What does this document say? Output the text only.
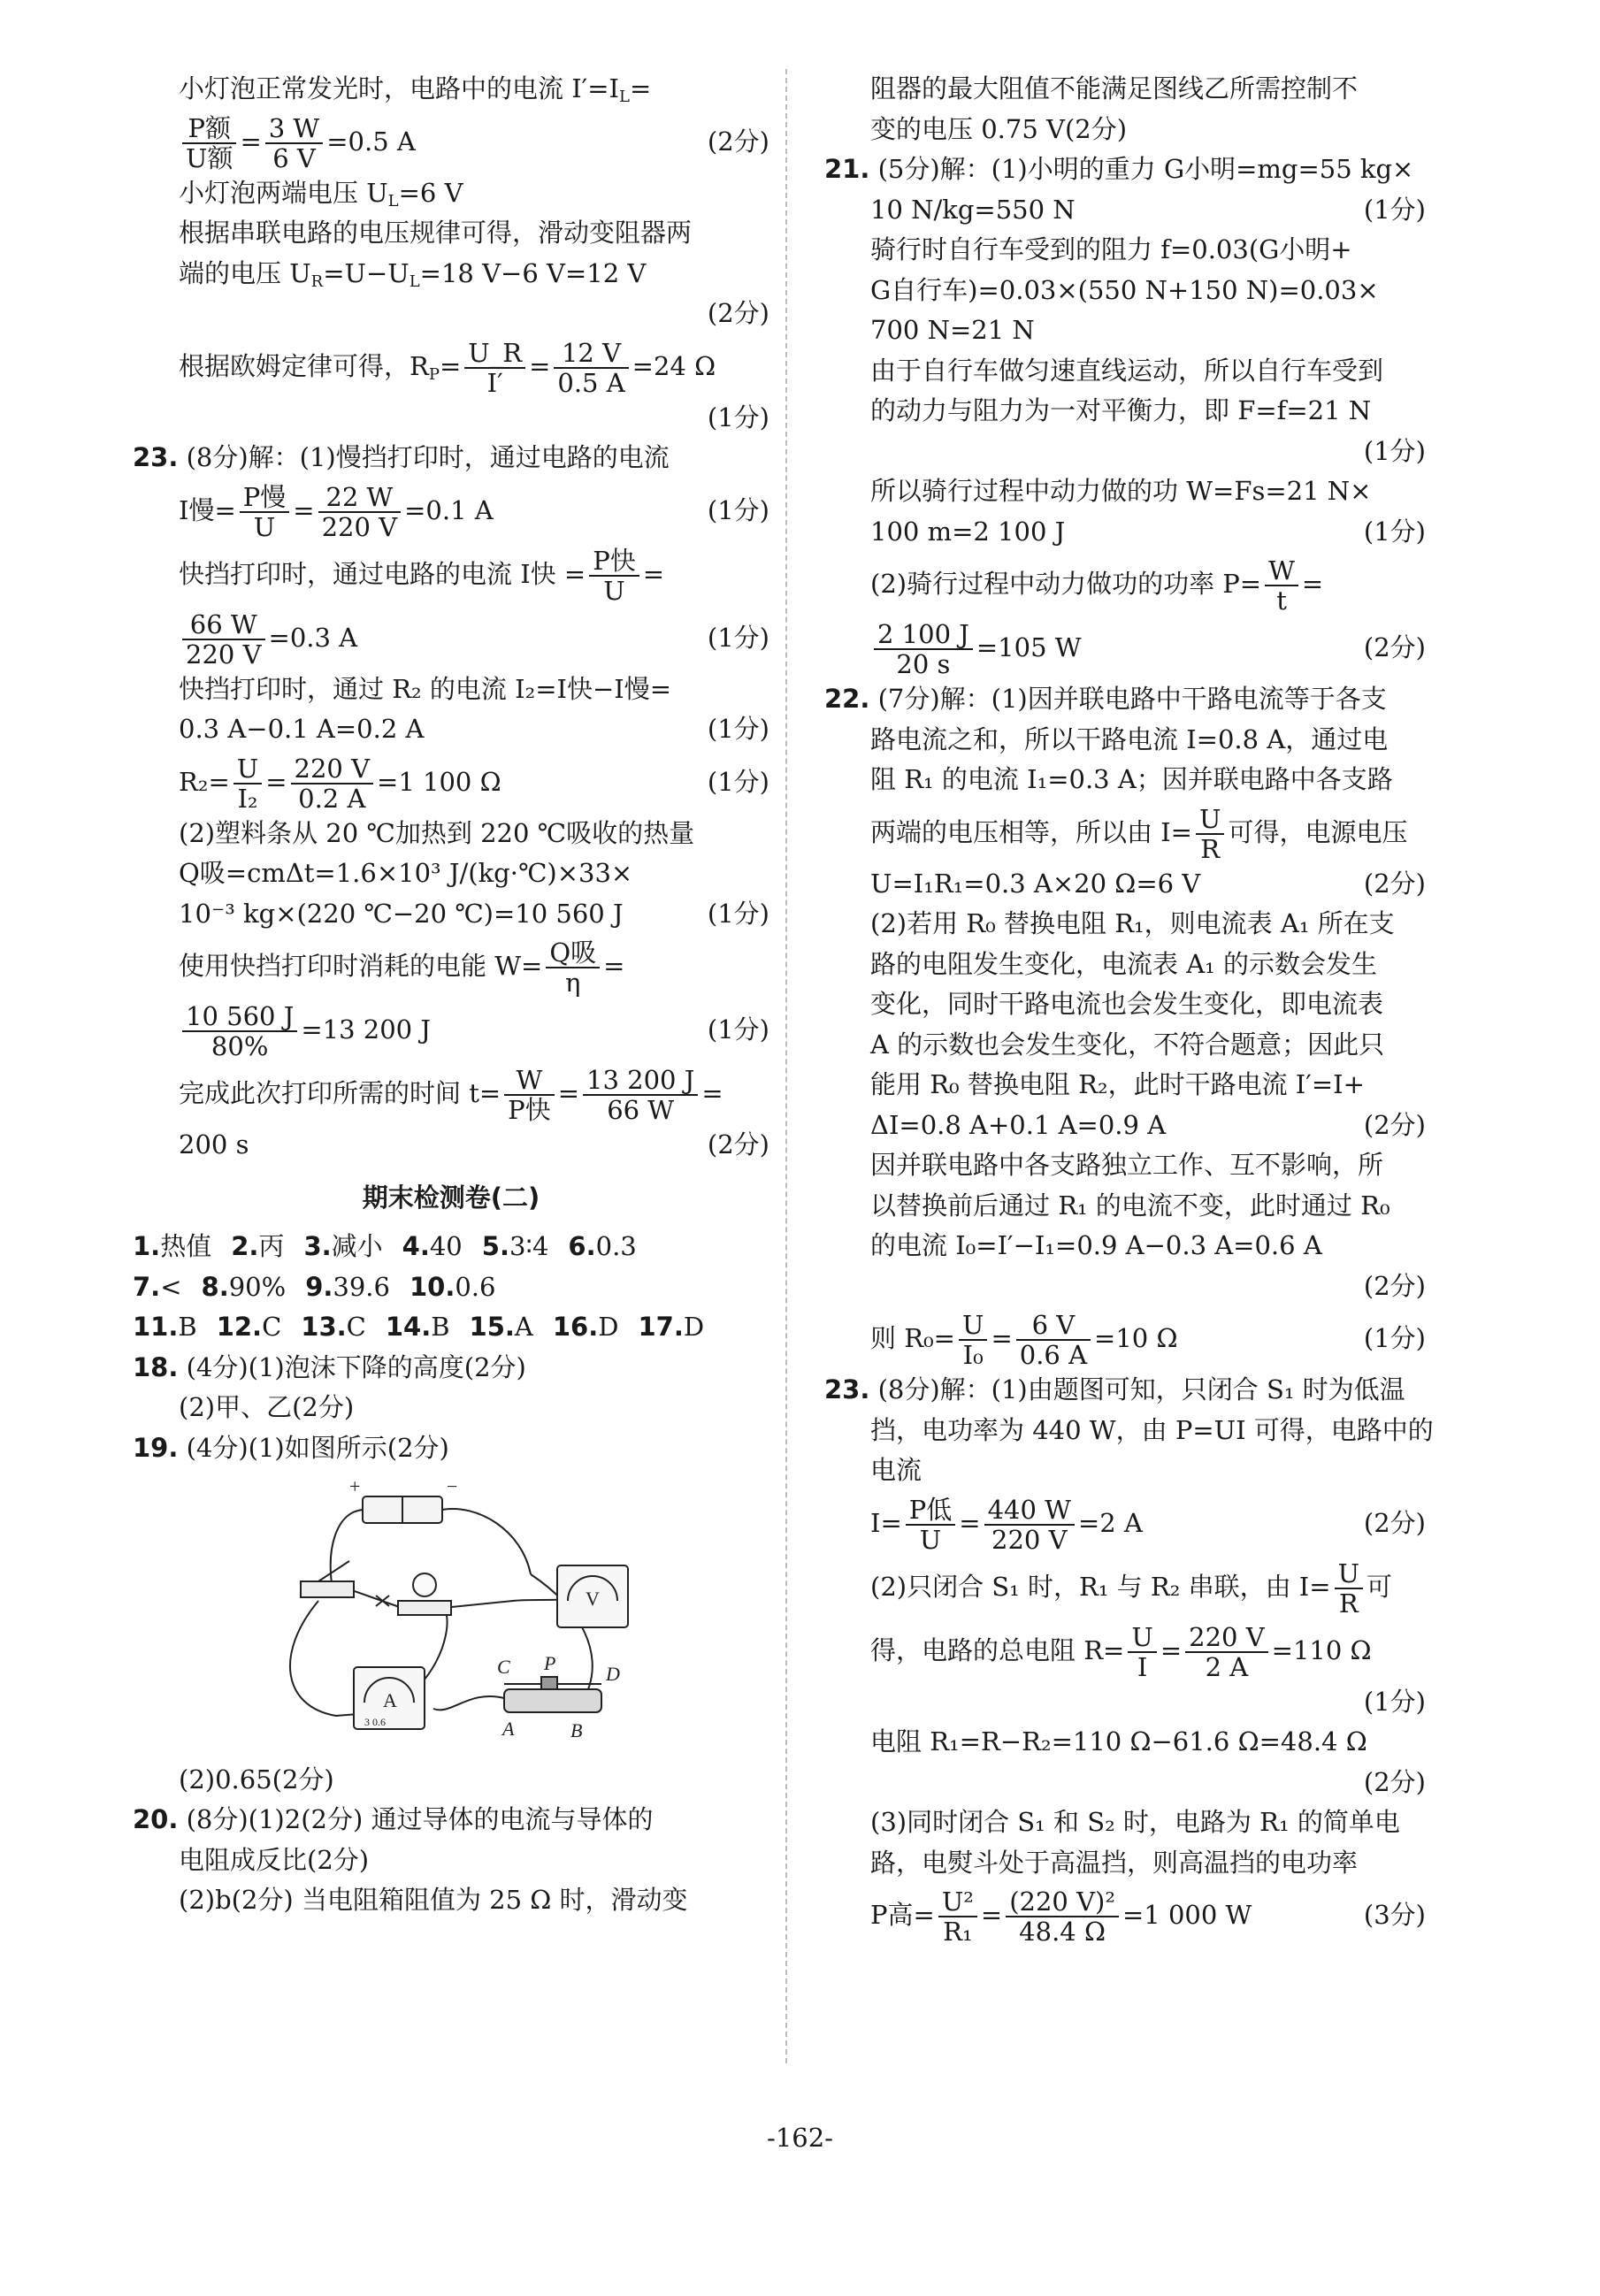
小灯泡正常发光时，电路中的电流 $I'=I_L=$
$\frac{\text{P额}}{\text{U额}} = \frac{3 W}{6 V} =0.5$ A	(2分)
小灯泡两端电压 $U_L=6$ V
根据串联电路的电压规律可得，滑动变阻器两
端的电压 $U_R=U-U_L=18$ V−6 V=12 V
(2分)
根据欧姆定律可得，$R_P= \frac{U\_R}{I'} = \frac{12 V}{0.5 A} =24$ Ω
(1分)
23. (8分)解：(1)慢挡打印时，通过电路的电流
I慢= $\frac{\text{P慢}}{U} = \frac{22 W}{220 V} =0.1$ A	(1分)
快挡打印时，通过电路的电流 I快 = $\frac{\text{P快}}{U}$ =
$\frac{66 W}{220 V} =0.3$ A	(1分)
快挡打印时，通过 R₂ 的电流 I₂=I快−I慢=
0.3 A−0.1 A=0.2 A	(1分)
$R_2= \frac{U}{\text{I₂}} = \frac{220 V}{0.2 A} =1$ 100 Ω	(1分)
(2)塑料条从 20 ℃加热到 220 ℃吸收的热量
Q吸=cmΔt=1.6×10³ J/(kg·℃)×33×
10⁻³ kg×(220 ℃−20 ℃)=10 560 J	(1分)
使用快挡打印时消耗的电能 $W= \frac{\text{Q吸}}{\eta}$ =
$\frac{10 560 J}{80\%} =13$ 200 J	(1分)
完成此次打印所需的时间 $t= \frac{W}{\text{P快}} = \frac{13 200 J}{66 W}$ =
200 s	(2分)
期末检测卷(二)
1.热值 2.丙 3.减小 4.40 5.3∶4 6.0.3
7.< 8.90% 9.39.6 10.0.6
11.B 12.C 13.C 14.B 15.A 16.D 17.D
18. (4分)(1)泡沫下降的高度(2分)
(2)甲、乙(2分)
19. (4分)(1)如图所示(2分)
+	−
V
A
3 0.6
C P	D
A	B
(2)0.65(2分)
20. (8分)(1)2(2分) 通过导体的电流与导体的
电阻成反比(2分)
(2)b(2分) 当电阻箱阻值为 25 Ω 时，滑动变
阻器的最大阻值不能满足图线乙所需控制不
变的电压 0.75 V(2分)
21. (5分)解：(1)小明的重力 G小明=mg=55 kg×
10 N/kg=550 N	(1分)
骑行时自行车受到的阻力 f=0.03(G小明+
G自行车)=0.03×(550 N+150 N)=0.03×
700 N=21 N
由于自行车做匀速直线运动，所以自行车受到
的动力与阻力为一对平衡力，即 F=f=21 N
(1分)
所以骑行过程中动力做的功 W=Fs=21 N×
100 m=2 100 J	(1分)
(2)骑行过程中动力做功的功率 $P= \frac{W}{t}$ =
$\frac{2 100 J}{20 s} =105$ W	(2分)
22. (7分)解：(1)因并联电路中干路电流等于各支
路电流之和，所以干路电流 I=0.8 A，通过电
阻 R₁ 的电流 I₁=0.3 A；因并联电路中各支路
两端的电压相等，所以由 $I= \frac{U}{R}$ 可得，电源电压
U=I₁R₁=0.3 A×20 Ω=6 V	(2分)
(2)若用 R₀ 替换电阻 R₁，则电流表 A₁ 所在支
路的电阻发生变化，电流表 A₁ 的示数会发生
变化，同时干路电流也会发生变化，即电流表
A 的示数也会发生变化，不符合题意；因此只
能用 R₀ 替换电阻 R₂，此时干路电流 I′=I+
ΔI=0.8 A+0.1 A=0.9 A	(2分)
因并联电路中各支路独立工作、互不影响，所
以替换前后通过 R₁ 的电流不变，此时通过 R₀
的电流 I₀=I′−I₁=0.9 A−0.3 A=0.6 A
(2分)
则 $R_0= \frac{U}{\text{I₀}} = \frac{6 V}{0.6 A} =10$ Ω	(1分)
23. (8分)解：(1)由题图可知，只闭合 S₁ 时为低温
挡，电功率为 440 W，由 P=UI 可得，电路中的
电流
$I= \frac{\text{P低}}{U} = \frac{440 W}{220 V} =2$ A	(2分)
(2)只闭合 S₁ 时，R₁ 与 R₂ 串联，由 $I= \frac{U}{R}$ 可
得，电路的总电阻 $R= \frac{U}{I} = \frac{220 V}{2 A} =110$ Ω
(1分)
电阻 R₁=R−R₂=110 Ω−61.6 Ω=48.4 Ω
(2分)
(3)同时闭合 S₁ 和 S₂ 时，电路为 R₁ 的简单电
路，电熨斗处于高温挡，则高温挡的电功率
P高= $\frac{\text{U²}}{\text{R₁}} = \frac{\text{(220 V)²}}{48.4 \Omega} =1$ 000 W	(3分)
-162-
